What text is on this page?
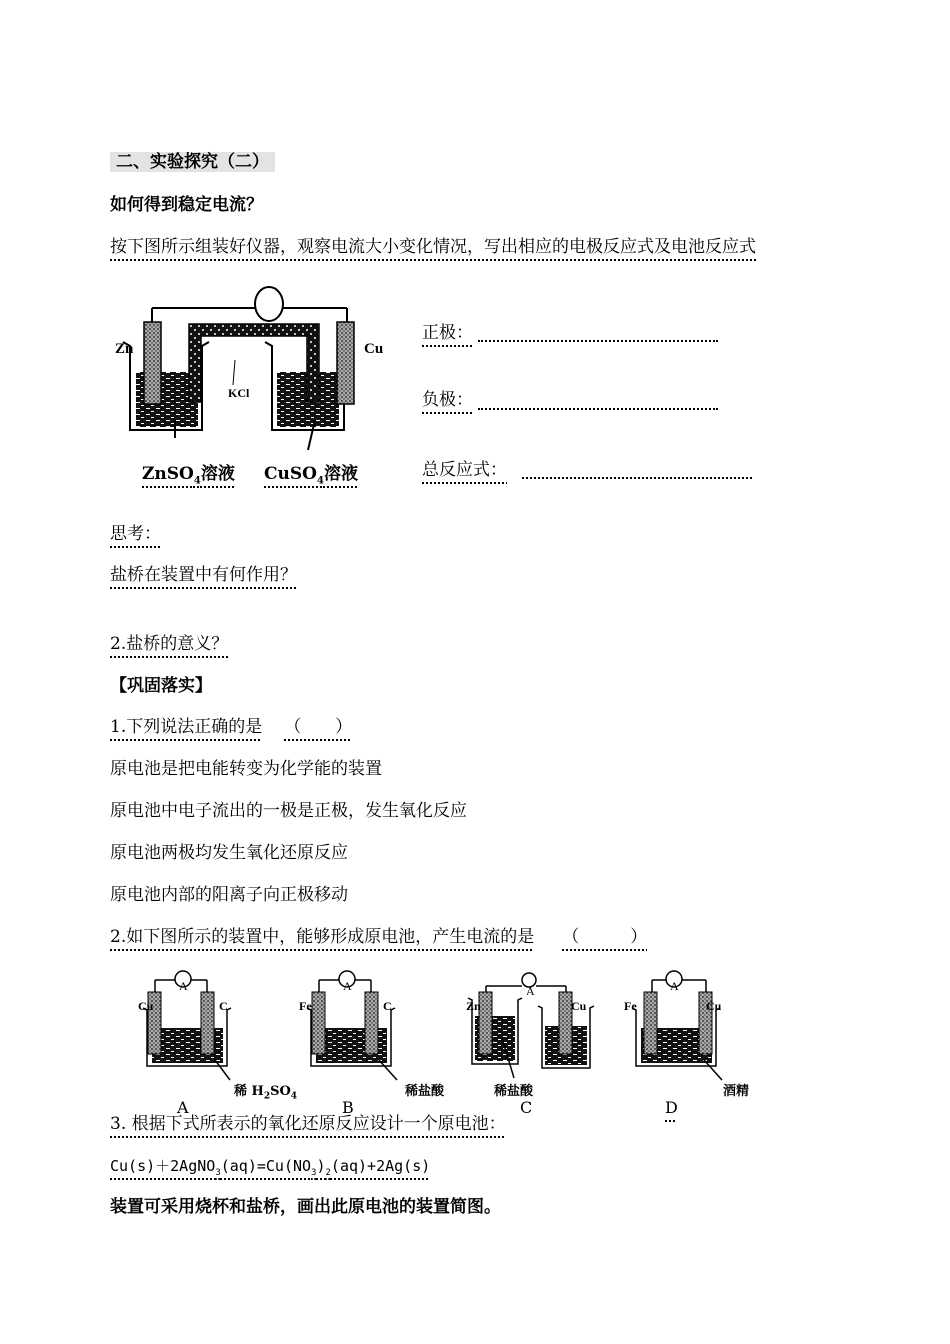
二、实验探究（二）
如何得到稳定电流？
按下图所示组装好仪器，观察电流大小变化情况，写出相应的电极反应式及电池反应式
Zn	Cu
KCl
ZnSO$_4$溶液 CuSO$_4$溶液
正极：
负极：
总反应式：
思考：
盐桥在装置中有何作用？
2.盐桥的意义？
【巩固落实】
1.下列说法正确的是 （　　）
原电池是把电能转变为化学能的装置
原电池中电子流出的一极是正极，发生氧化反应
原电池两极均发生氧化还原反应
原电池内部的阳离子向正极移动
2.如下图所示的装置中，能够形成原电池，产生电流的是 （　　　）
A
Cu	C
稀 $H_2SO_4$
A
A
Fe	C
稀盐酸
B
A
Zn	Cu
稀盐酸
C
A
Fe	Cu
酒精
D
3. 根据下式所表示的氧化还原反应设计一个原电池：
$Cu(s)+2AgNO_3(aq)=Cu(NO_3)_2(aq)+2Ag(s)$
装置可采用烧杯和盐桥，画出此原电池的装置简图。
